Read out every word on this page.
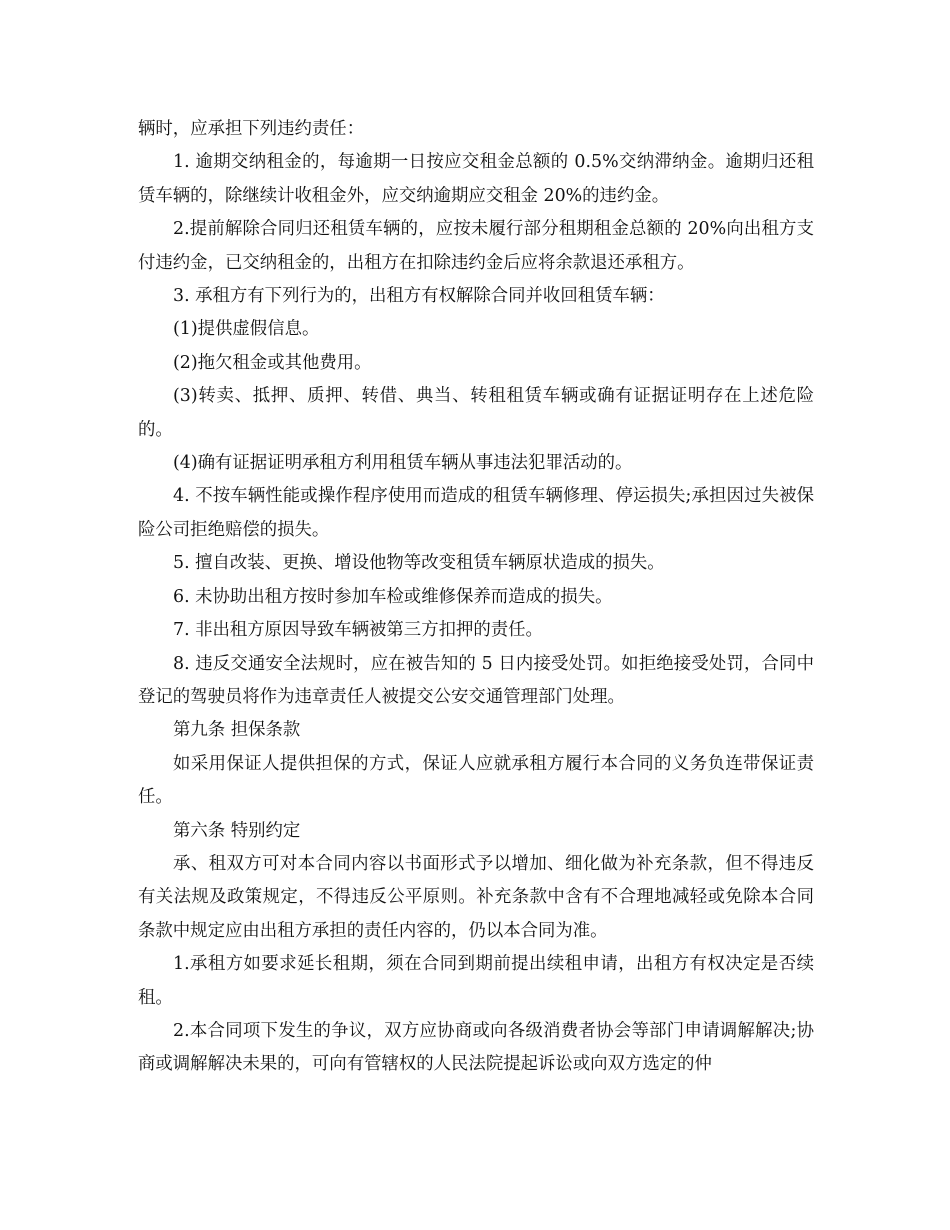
辆时，应承担下列违约责任：

1. 逾期交纳租金的，每逾期一日按应交租金总额的 0.5%交纳滞纳金。逾期归还租赁车辆的，除继续计收租金外，应交纳逾期应交租金 20%的违约金。

2.提前解除合同归还租赁车辆的，应按未履行部分租期租金总额的 20%向出租方支付违约金，已交纳租金的，出租方在扣除违约金后应将余款退还承租方。

3. 承租方有下列行为的，出租方有权解除合同并收回租赁车辆：

(1)提供虚假信息。

(2)拖欠租金或其他费用。

(3)转卖、抵押、质押、转借、典当、转租租赁车辆或确有证据证明存在上述危险的。

(4)确有证据证明承租方利用租赁车辆从事违法犯罪活动的。

4. 不按车辆性能或操作程序使用而造成的租赁车辆修理、停运损失;承担因过失被保险公司拒绝赔偿的损失。

5. 擅自改装、更换、增设他物等改变租赁车辆原状造成的损失。

6. 未协助出租方按时参加车检或维修保养而造成的损失。

7. 非出租方原因导致车辆被第三方扣押的责任。

8. 违反交通安全法规时，应在被告知的 5 日内接受处罚。如拒绝接受处罚，合同中登记的驾驶员将作为违章责任人被提交公安交通管理部门处理。

第九条 担保条款

如采用保证人提供担保的方式，保证人应就承租方履行本合同的义务负连带保证责任。

第六条 特别约定

承、租双方可对本合同内容以书面形式予以增加、细化做为补充条款，但不得违反有关法规及政策规定，不得违反公平原则。补充条款中含有不合理地减轻或免除本合同条款中规定应由出租方承担的责任内容的，仍以本合同为准。

1.承租方如要求延长租期，须在合同到期前提出续租申请，出租方有权决定是否续租。

2.本合同项下发生的争议，双方应协商或向各级消费者协会等部门申请调解解决;协商或调解解决未果的，可向有管辖权的人民法院提起诉讼或向双方选定的仲
